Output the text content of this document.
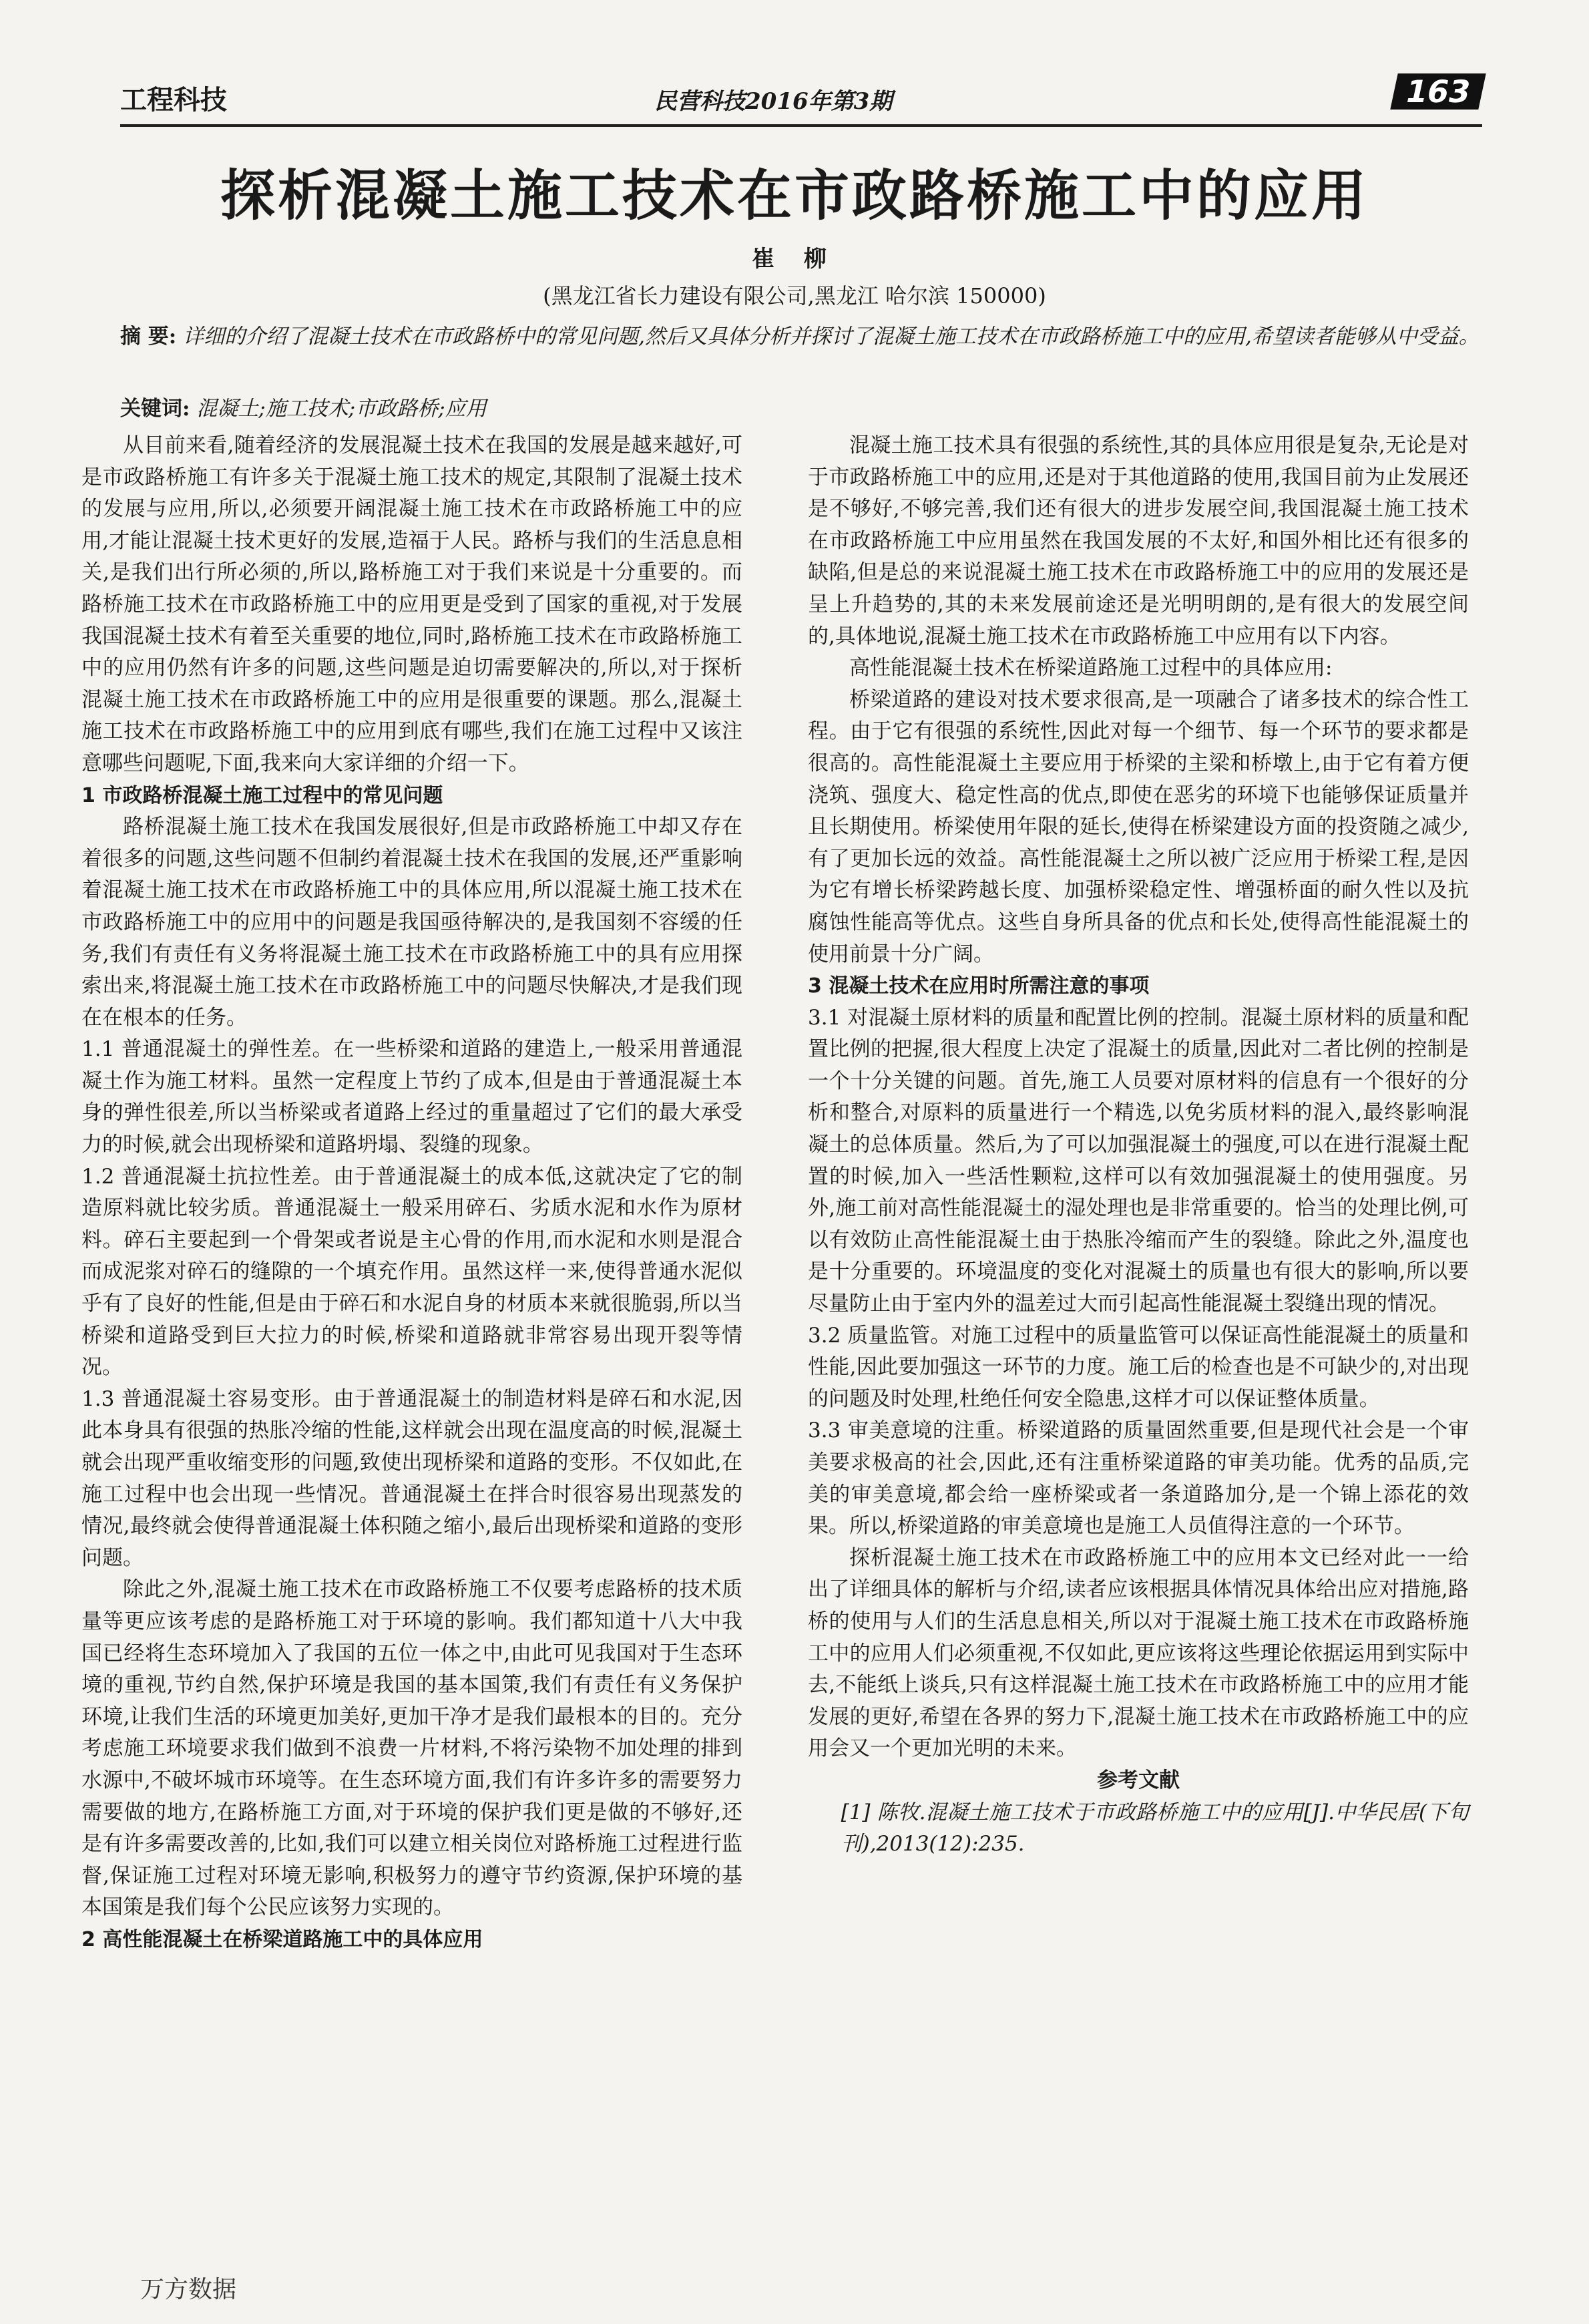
工程科技	民营科技2016年第3期	163
探析混凝土施工技术在市政路桥施工中的应用
崔 柳
(黑龙江省长力建设有限公司,黑龙江 哈尔滨 150000)
摘 要: 详细的介绍了混凝土技术在市政路桥中的常见问题,然后又具体分析并探讨了混凝土施工技术在市政路桥施工中的应用,希望读者能够从中受益。
关键词: 混凝土;施工技术;市政路桥;应用

从目前来看,随着经济的发展混凝土技术在我国的发展是越来越好,可是市政路桥施工有许多关于混凝土施工技术的规定,其限制了混凝土技术的发展与应用,所以,必须要开阔混凝土施工技术在市政路桥施工中的应用,才能让混凝土技术更好的发展,造福于人民。路桥与我们的生活息息相关,是我们出行所必须的,所以,路桥施工对于我们来说是十分重要的。而路桥施工技术在市政路桥施工中的应用更是受到了国家的重视,对于发展我国混凝土技术有着至关重要的地位,同时,路桥施工技术在市政路桥施工中的应用仍然有许多的问题,这些问题是迫切需要解决的,所以,对于探析混凝土施工技术在市政路桥施工中的应用是很重要的课题。那么,混凝土施工技术在市政路桥施工中的应用到底有哪些,我们在施工过程中又该注意哪些问题呢,下面,我来向大家详细的介绍一下。

1 市政路桥混凝土施工过程中的常见问题

路桥混凝土施工技术在我国发展很好,但是市政路桥施工中却又存在着很多的问题,这些问题不但制约着混凝土技术在我国的发展,还严重影响着混凝土施工技术在市政路桥施工中的具体应用,所以混凝土施工技术在市政路桥施工中的应用中的问题是我国亟待解决的,是我国刻不容缓的任务,我们有责任有义务将混凝土施工技术在市政路桥施工中的具有应用探索出来,将混凝土施工技术在市政路桥施工中的问题尽快解决,才是我们现在在根本的任务。

1.1 普通混凝土的弹性差。在一些桥梁和道路的建造上,一般采用普通混凝土作为施工材料。虽然一定程度上节约了成本,但是由于普通混凝土本身的弹性很差,所以当桥梁或者道路上经过的重量超过了它们的最大承受力的时候,就会出现桥梁和道路坍塌、裂缝的现象。

1.2 普通混凝土抗拉性差。由于普通混凝土的成本低,这就决定了它的制造原料就比较劣质。普通混凝土一般采用碎石、劣质水泥和水作为原材料。碎石主要起到一个骨架或者说是主心骨的作用,而水泥和水则是混合而成泥浆对碎石的缝隙的一个填充作用。虽然这样一来,使得普通水泥似乎有了良好的性能,但是由于碎石和水泥自身的材质本来就很脆弱,所以当桥梁和道路受到巨大拉力的时候,桥梁和道路就非常容易出现开裂等情况。

1.3 普通混凝土容易变形。由于普通混凝土的制造材料是碎石和水泥,因此本身具有很强的热胀冷缩的性能,这样就会出现在温度高的时候,混凝土就会出现严重收缩变形的问题,致使出现桥梁和道路的变形。不仅如此,在施工过程中也会出现一些情况。普通混凝土在拌合时很容易出现蒸发的情况,最终就会使得普通混凝土体积随之缩小,最后出现桥梁和道路的变形问题。

除此之外,混凝土施工技术在市政路桥施工不仅要考虑路桥的技术质量等更应该考虑的是路桥施工对于环境的影响。我们都知道十八大中我国已经将生态环境加入了我国的五位一体之中,由此可见我国对于生态环境的重视,节约自然,保护环境是我国的基本国策,我们有责任有义务保护环境,让我们生活的环境更加美好,更加干净才是我们最根本的目的。充分考虑施工环境要求我们做到不浪费一片材料,不将污染物不加处理的排到水源中,不破坏城市环境等。在生态环境方面,我们有许多许多的需要努力需要做的地方,在路桥施工方面,对于环境的保护我们更是做的不够好,还是有许多需要改善的,比如,我们可以建立相关岗位对路桥施工过程进行监督,保证施工过程对环境无影响,积极努力的遵守节约资源,保护环境的基本国策是我们每个公民应该努力实现的。

2 高性能混凝土在桥梁道路施工中的具体应用

混凝土施工技术具有很强的系统性,其的具体应用很是复杂,无论是对于市政路桥施工中的应用,还是对于其他道路的使用,我国目前为止发展还是不够好,不够完善,我们还有很大的进步发展空间,我国混凝土施工技术在市政路桥施工中应用虽然在我国发展的不太好,和国外相比还有很多的缺陷,但是总的来说混凝土施工技术在市政路桥施工中的应用的发展还是呈上升趋势的,其的未来发展前途还是光明明朗的,是有很大的发展空间的,具体地说,混凝土施工技术在市政路桥施工中应用有以下内容。

高性能混凝土技术在桥梁道路施工过程中的具体应用:

桥梁道路的建设对技术要求很高,是一项融合了诸多技术的综合性工程。由于它有很强的系统性,因此对每一个细节、每一个环节的要求都是很高的。高性能混凝土主要应用于桥梁的主梁和桥墩上,由于它有着方便浇筑、强度大、稳定性高的优点,即使在恶劣的环境下也能够保证质量并且长期使用。桥梁使用年限的延长,使得在桥梁建设方面的投资随之减少,有了更加长远的效益。高性能混凝土之所以被广泛应用于桥梁工程,是因为它有增长桥梁跨越长度、加强桥梁稳定性、增强桥面的耐久性以及抗腐蚀性能高等优点。这些自身所具备的优点和长处,使得高性能混凝土的使用前景十分广阔。

3 混凝土技术在应用时所需注意的事项

3.1 对混凝土原材料的质量和配置比例的控制。混凝土原材料的质量和配置比例的把握,很大程度上决定了混凝土的质量,因此对二者比例的控制是一个十分关键的问题。首先,施工人员要对原材料的信息有一个很好的分析和整合,对原料的质量进行一个精选,以免劣质材料的混入,最终影响混凝土的总体质量。然后,为了可以加强混凝土的强度,可以在进行混凝土配置的时候,加入一些活性颗粒,这样可以有效加强混凝土的使用强度。另外,施工前对高性能混凝土的湿处理也是非常重要的。恰当的处理比例,可以有效防止高性能混凝土由于热胀冷缩而产生的裂缝。除此之外,温度也是十分重要的。环境温度的变化对混凝土的质量也有很大的影响,所以要尽量防止由于室内外的温差过大而引起高性能混凝土裂缝出现的情况。

3.2 质量监管。对施工过程中的质量监管可以保证高性能混凝土的质量和性能,因此要加强这一环节的力度。施工后的检查也是不可缺少的,对出现的问题及时处理,杜绝任何安全隐患,这样才可以保证整体质量。

3.3 审美意境的注重。桥梁道路的质量固然重要,但是现代社会是一个审美要求极高的社会,因此,还有注重桥梁道路的审美功能。优秀的品质,完美的审美意境,都会给一座桥梁或者一条道路加分,是一个锦上添花的效果。所以,桥梁道路的审美意境也是施工人员值得注意的一个环节。

探析混凝土施工技术在市政路桥施工中的应用本文已经对此一一给出了详细具体的解析与介绍,读者应该根据具体情况具体给出应对措施,路桥的使用与人们的生活息息相关,所以对于混凝土施工技术在市政路桥施工中的应用人们必须重视,不仅如此,更应该将这些理论依据运用到实际中去,不能纸上谈兵,只有这样混凝土施工技术在市政路桥施工中的应用才能发展的更好,希望在各界的努力下,混凝土施工技术在市政路桥施工中的应用会又一个更加光明的未来。

参考文献

[1] 陈牧.混凝土施工技术于市政路桥施工中的应用[J].中华民居(下旬刊),2013(12):235.

万方数据
